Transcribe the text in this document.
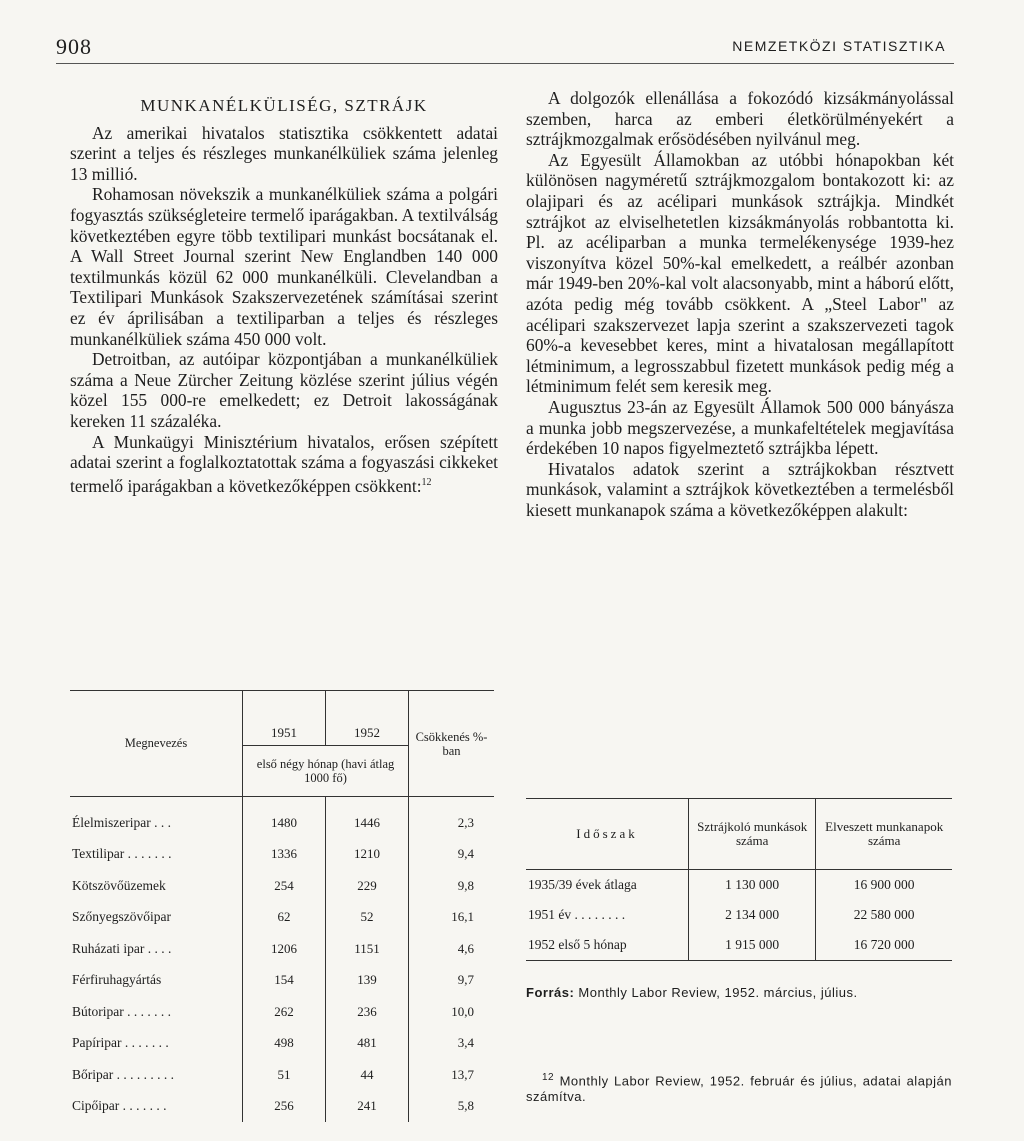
908	NEMZETKÖZI STATISZTIKA

MUNKANÉLKÜLISÉG, SZTRÁJK

Az amerikai hivatalos statisztika csökkentett adatai szerint a teljes és részleges munkanélküliek száma jelenleg 13 millió.

Rohamosan növekszik a munkanélküliek száma a polgári fogyasztás szükségleteire termelő iparágakban. A textilválság következtében egyre több textilipari munkást bocsátanak el. A Wall Street Journal szerint New Englandben 140 000 textilmunkás közül 62 000 munkanélküli. Clevelandban a Textilipari Munkások Szakszervezetének számításai szerint ez év áprilisában a textiliparban a teljes és részleges munkanélküliek száma 450 000 volt.

Detroitban, az autóipar központjában a munkanélküliek száma a Neue Zürcher Zeitung közlése szerint július végén közel 155 000-re emelkedett; ez Detroit lakosságának kereken 11 százaléka.

A Munkaügyi Minisztérium hivatalos, erősen szépített adatai szerint a foglalkoztatottak száma a fogyaszási cikkeket termelő iparágakban a következőképpen csökkent:$^{12}$

Megnevezés	1951	1952	Csökkenés %-ban
	első négy hónap (havi átlag 1000 fő)		
Élelmiszeripar . . .	1480	1446	2,3
Textilipar . . . . . . .	1336	1210	9,4
Kötszövőüzemek	254	229	9,8
Szőnyegszövőipar	62	52	16,1
Ruházati ipar . . . .	1206	1151	4,6
Férfiruhagyártás	154	139	9,7
Bútoripar . . . . . . .	262	236	10,0
Papíripar . . . . . . .	498	481	3,4
Bőripar . . . . . . . . .	51	44	13,7
Cipőipar . . . . . . .	256	241	5,8

A dolgozók ellenállása a fokozódó kizsákmányolással szemben, harca az emberi életkörülményekért a sztrájkmozgalmak erősödésében nyilvánul meg.

Az Egyesült Államokban az utóbbi hónapokban két különösen nagyméretű sztrájkmozgalom bontakozott ki: az olajipari és az acélipari munkások sztrájkja. Mindkét sztrájkot az elviselhetetlen kizsákmányolás robbantotta ki. Pl. az acéliparban a munka termelékenysége 1939-hez viszonyítva közel 50%-kal emelkedett, a reálbér azonban már 1949-ben 20%-kal volt alacsonyabb, mint a háború előtt, azóta pedig még tovább csökkent. A „Steel Labor" az acélipari szakszervezet lapja szerint a szakszervezeti tagok 60%-a kevesebbet keres, mint a hivatalosan megállapított létminimum, a legrosszabbul fizetett munkások pedig még a létminimum felét sem keresik meg.

Augusztus 23-án az Egyesült Államok 500 000 bányásza a munka jobb megszervezése, a munkafeltételek megjavítása érdekében 10 napos figyelmeztető sztrájkba lépett.

Hivatalos adatok szerint a sztrájkokban résztvett munkások, valamint a sztrájkok következtében a termelésből kiesett munkanapok száma a következőképpen alakult:

Időszak	Sztrájkoló munkások száma	Elveszett munkanapok száma
1935/39 évek átlaga	1 130 000	16 900 000
1951 év . . . . . . . .	2 134 000	22 580 000
1952 első 5 hónap	1 915 000	16 720 000
Forrás: Monthly Labor Review, 1952. március, július.
$^{12}$ Monthly Labor Review, 1952. február és július, adatai alapján számítva.
